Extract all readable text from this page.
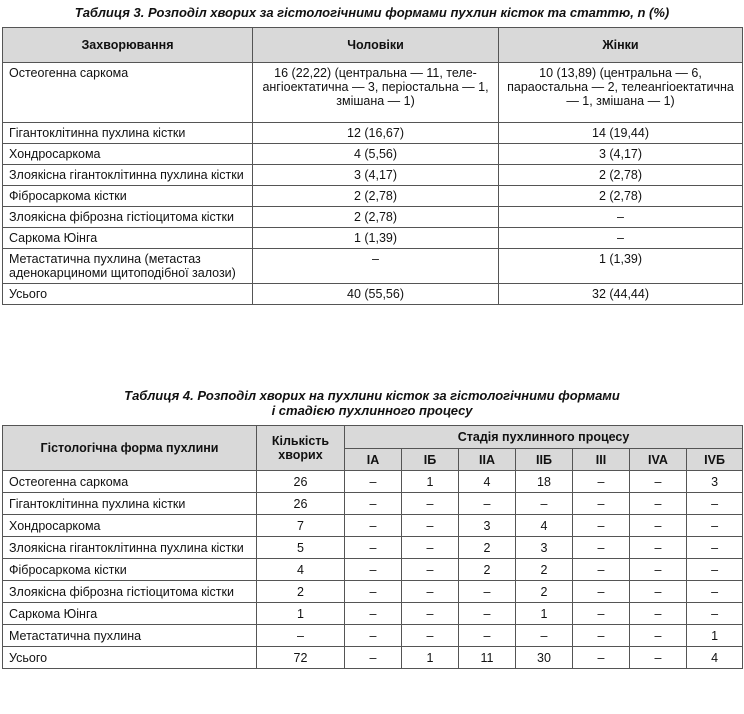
Таблиця 3. Розподіл хворих за гістологічними формами пухлин кісток та статтю, n (%)

Захворювання	Чоловіки	Жінки
Остеогенна саркома	16 (22,22) (центральна — 11, теле-ангіоектатична — 3, періостальна — 1, змішана — 1)	10 (13,89) (центральна — 6, параостальна — 2, телеангіоектатична — 1, змішана — 1)
Гігантоклітинна пухлина кістки	12 (16,67)	14 (19,44)
Хондросаркома	4 (5,56)	3 (4,17)
Злоякісна гігантоклітинна пухлина кістки	3 (4,17)	2 (2,78)
Фібросаркома кістки	2 (2,78)	2 (2,78)
Злоякісна фіброзна гістіоцитома кістки	2 (2,78)	–
Саркома Юінга	1 (1,39)	–
Метастатична пухлина (метастаз аденокарциноми щитоподібної залози)	–	1 (1,39)
Усього	40 (55,56)	32 (44,44)

Таблиця 4. Розподіл хворих на пухлини кісток за гістологічними формами

і стадією пухлинного процесу

Гістологічна форма пухлини	Кількість хворих	Стадія пухлинного процесу						
		ІА	ІБ	ІІА	ІІБ	ІІІ	IVA	IVБ
Остеогенна саркома	26	–	1	4	18	–	–	3
Гігантоклітинна пухлина кістки	26	–	–	–	–	–	–	–
Хондросаркома	7	–	–	3	4	–	–	–
Злоякісна гігантоклітинна пухлина кістки	5	–	–	2	3	–	–	–
Фібросаркома кістки	4	–	–	2	2	–	–	–
Злоякісна фіброзна гістіоцитома кістки	2	–	–	–	2	–	–	–
Саркома Юінга	1	–	–	–	1	–	–	–
Метастатична пухлина	–	–	–	–	–	–	–	1
Усього	72	–	1	11	30	–	–	4
